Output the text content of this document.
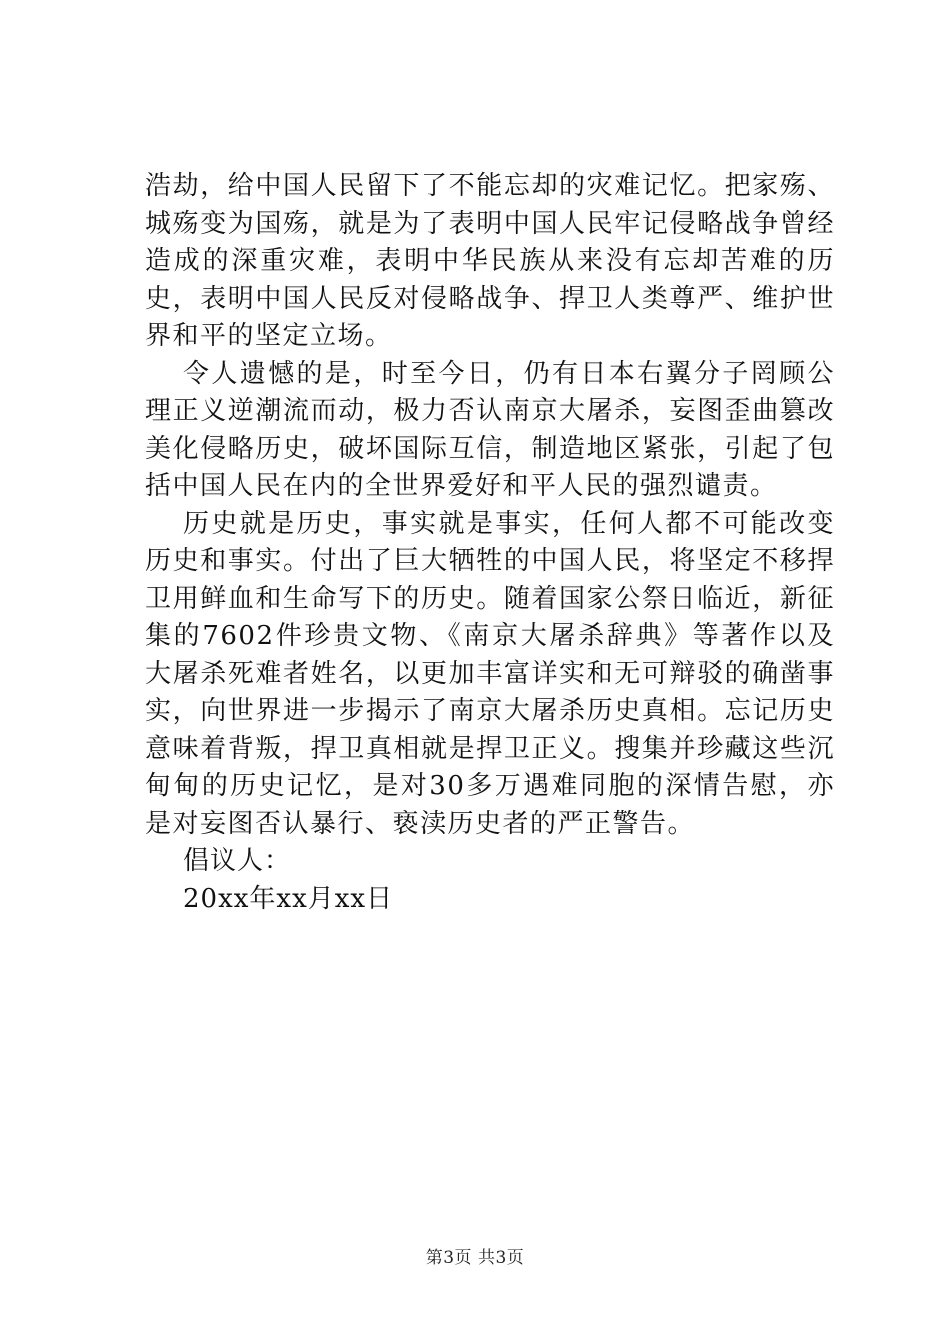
浩劫，给中国人民留下了不能忘却的灾难记忆。把家殇、城殇变为国殇，就是为了表明中国人民牢记侵略战争曾经造成的深重灾难，表明中华民族从来没有忘却苦难的历史，表明中国人民反对侵略战争、捍卫人类尊严、维护世界和平的坚定立场。

令人遗憾的是，时至今日，仍有日本右翼分子罔顾公理正义逆潮流而动，极力否认南京大屠杀，妄图歪曲篡改美化侵略历史，破坏国际互信，制造地区紧张，引起了包括中国人民在内的全世界爱好和平人民的强烈谴责。

历史就是历史，事实就是事实，任何人都不可能改变历史和事实。付出了巨大牺牲的中国人民，将坚定不移捍卫用鲜血和生命写下的历史。随着国家公祭日临近，新征集的7602件珍贵文物、《南京大屠杀辞典》等著作以及大屠杀死难者姓名，以更加丰富详实和无可辩驳的确凿事实，向世界进一步揭示了南京大屠杀历史真相。忘记历史意味着背叛，捍卫真相就是捍卫正义。搜集并珍藏这些沉甸甸的历史记忆，是对30多万遇难同胞的深情告慰，亦是对妄图否认暴行、亵渎历史者的严正警告。

倡议人：

20xx年xx月xx日

第3页 共3页
